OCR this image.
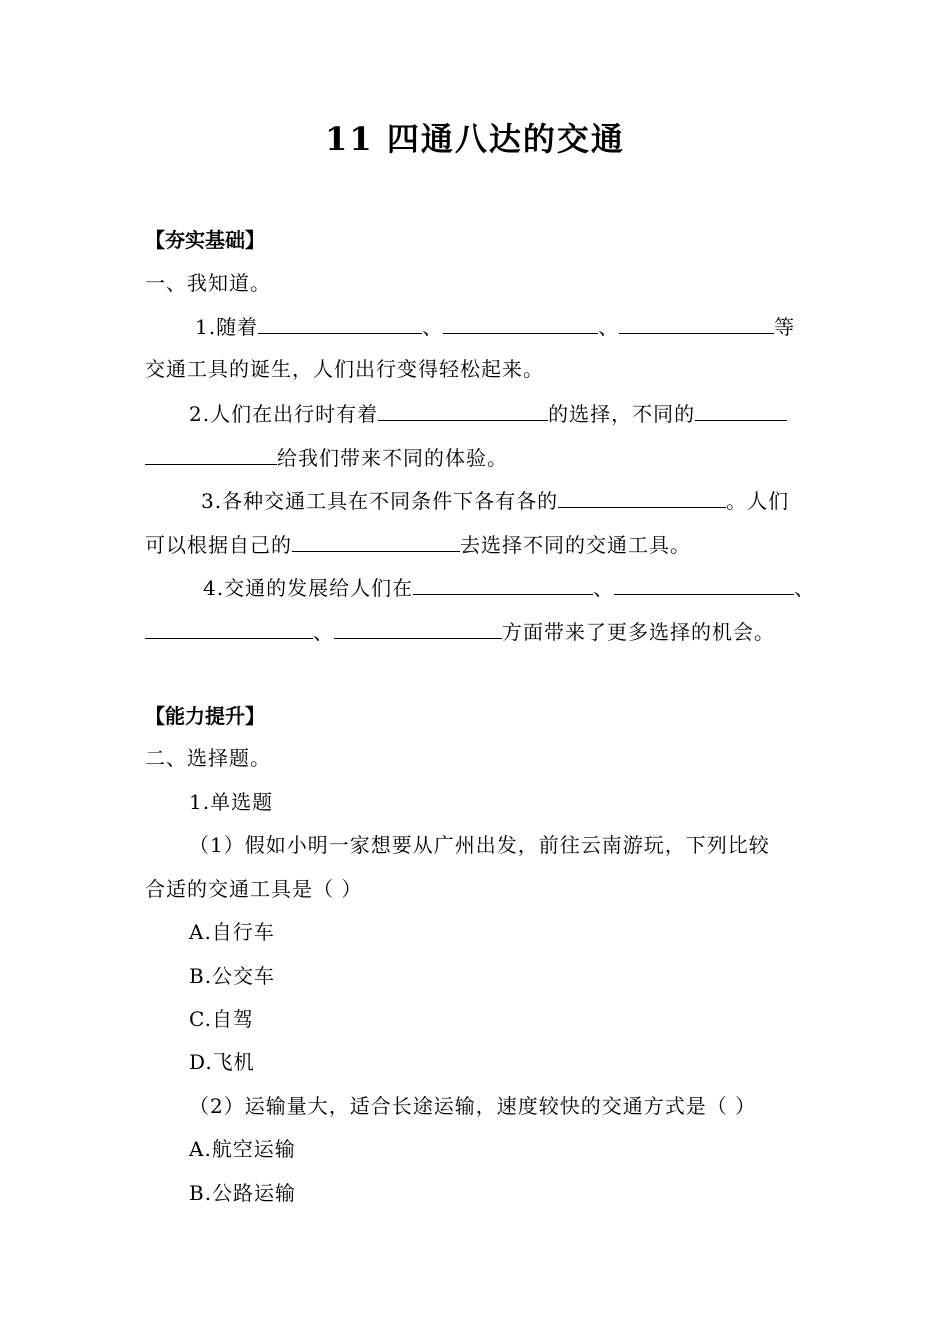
11 四通八达的交通
【夯实基础】
一、我知道。
1.随着	、	、	等
交通工具的诞生，人们出行变得轻松起来。
2.人们在出行时有着	的选择，不同的
给我们带来不同的体验。
3.各种交通工具在不同条件下各有各的	。人们
可以根据自己的	去选择不同的交通工具。
4.交通的发展给人们在	、	、
、	方面带来了更多选择的机会。
【能力提升】
二、选择题。
1.单选题
（1）假如小明一家想要从广州出发，前往云南游玩，下列比较
合适的交通工具是（ ）
A.自行车
B.公交车
C.自驾
D.飞机
（2）运输量大，适合长途运输，速度较快的交通方式是（ ）
A.航空运输
B.公路运输
